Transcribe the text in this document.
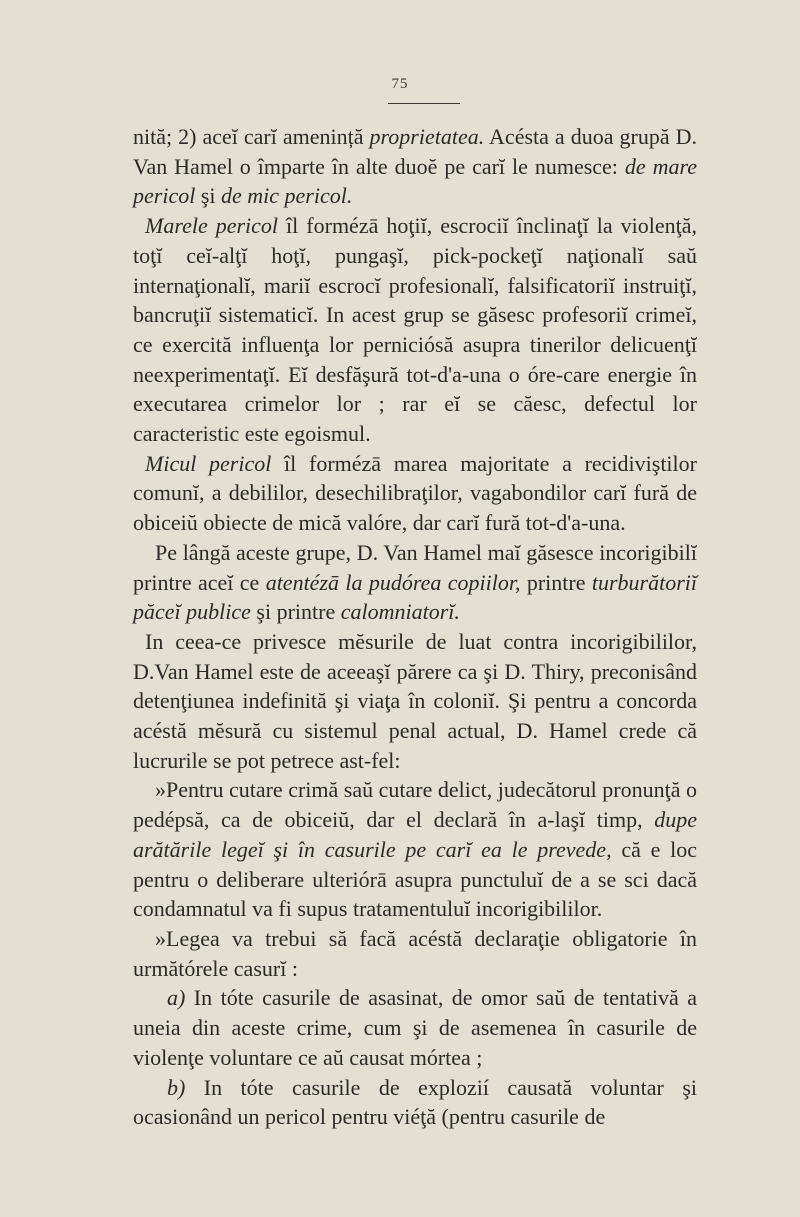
75

nită; 2) aceĭ carĭ amenință proprietatea. Acésta a duoa grupă D. Van Hamel o împarte în alte duoĕ pe carĭ le numesce: de mare pericol şi de mic pericol.

Marele pericol îl formézā hoţiĭ, escrociĭ înclinaţĭ la violenţă, toţĭ ceĭ-alţĭ hoţĭ, pungaşĭ, pick-pockeţĭ naţionalĭ saŭ internaţionalĭ, mariĭ escrocĭ profesionalĭ, falsificatoriĭ instruiţĭ, bancruţiĭ sistematicĭ. In acest grup se găsesc profesoriĭ crimeĭ, ce exercită influenţa lor perniciósă asupra tinerilor delicuenţĭ neexperimentaţĭ. Eĭ desfăşură tot-d'a-una o óre-care energie în executarea crimelor lor ; rar eĭ se căesc, defectul lor caracteristic este egoismul.

Micul pericol îl formézā marea majoritate a recidiviştilor comunĭ, a debililor, desechilibraţilor, vagabondilor carĭ fură de obiceiŭ obiecte de mică valóre, dar carĭ fură tot-d'a-una.

Pe lângă aceste grupe, D. Van Hamel maĭ găsesce incorigibilĭ printre aceĭ ce atentézā la pudórea copiilor, printre turburătoriĭ păceĭ publice şi printre calomniatorĭ.

In ceea-ce privesce mĕsurile de luat contra incorigibililor, D.Van Hamel este de aceeaşĭ părere ca şi D. Thiry, preconisând detenţiunea indefinită şi viaţa în coloniĭ. Şi pentru a concorda acéstă mĕsură cu sistemul penal actual, D. Hamel crede că lucrurile se pot petrece ast-fel:

»Pentru cutare crimă saŭ cutare delict, judecătorul pronunţă o pedépsă, ca de obiceiŭ, dar el declară în a-laşĭ timp, dupe arătările legeĭ şi în casurile pe carĭ ea le prevede, că e loc pentru o deliberare ulteriórā asupra punctuluĭ de a se sci dacă condamnatul va fi supus tratamentuluĭ incorigibililor.

»Legea va trebui să facă acéstă declaraţie obligatorie în următórele casurĭ :

a) In tóte casurile de asasinat, de omor saŭ de tentativă a uneia din aceste crime, cum şi de asemenea în casurile de violenţe voluntare ce aŭ causat mórtea ;

b) In tóte casurile de explozií causată voluntar şi ocasionând un pericol pentru viéţă (pentru casurile de
